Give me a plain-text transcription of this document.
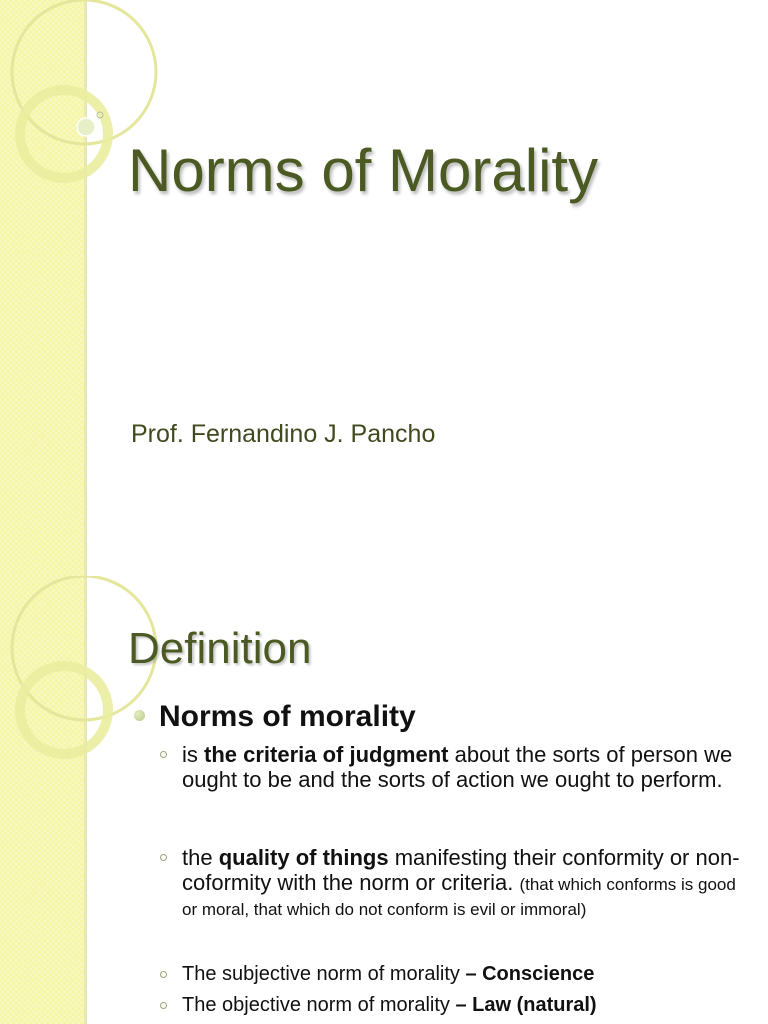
Norms of Morality
Prof. Fernandino J. Pancho
Definition
Norms of morality
is the criteria of judgment about the sorts of person we ought to be and the sorts of action we ought to perform.
the quality of things manifesting their conformity or non-coformity with the norm or criteria. (that which conforms is good or moral, that which do not conform is evil or immoral)
The subjective norm of morality – Conscience
The objective norm of morality – Law (natural)
